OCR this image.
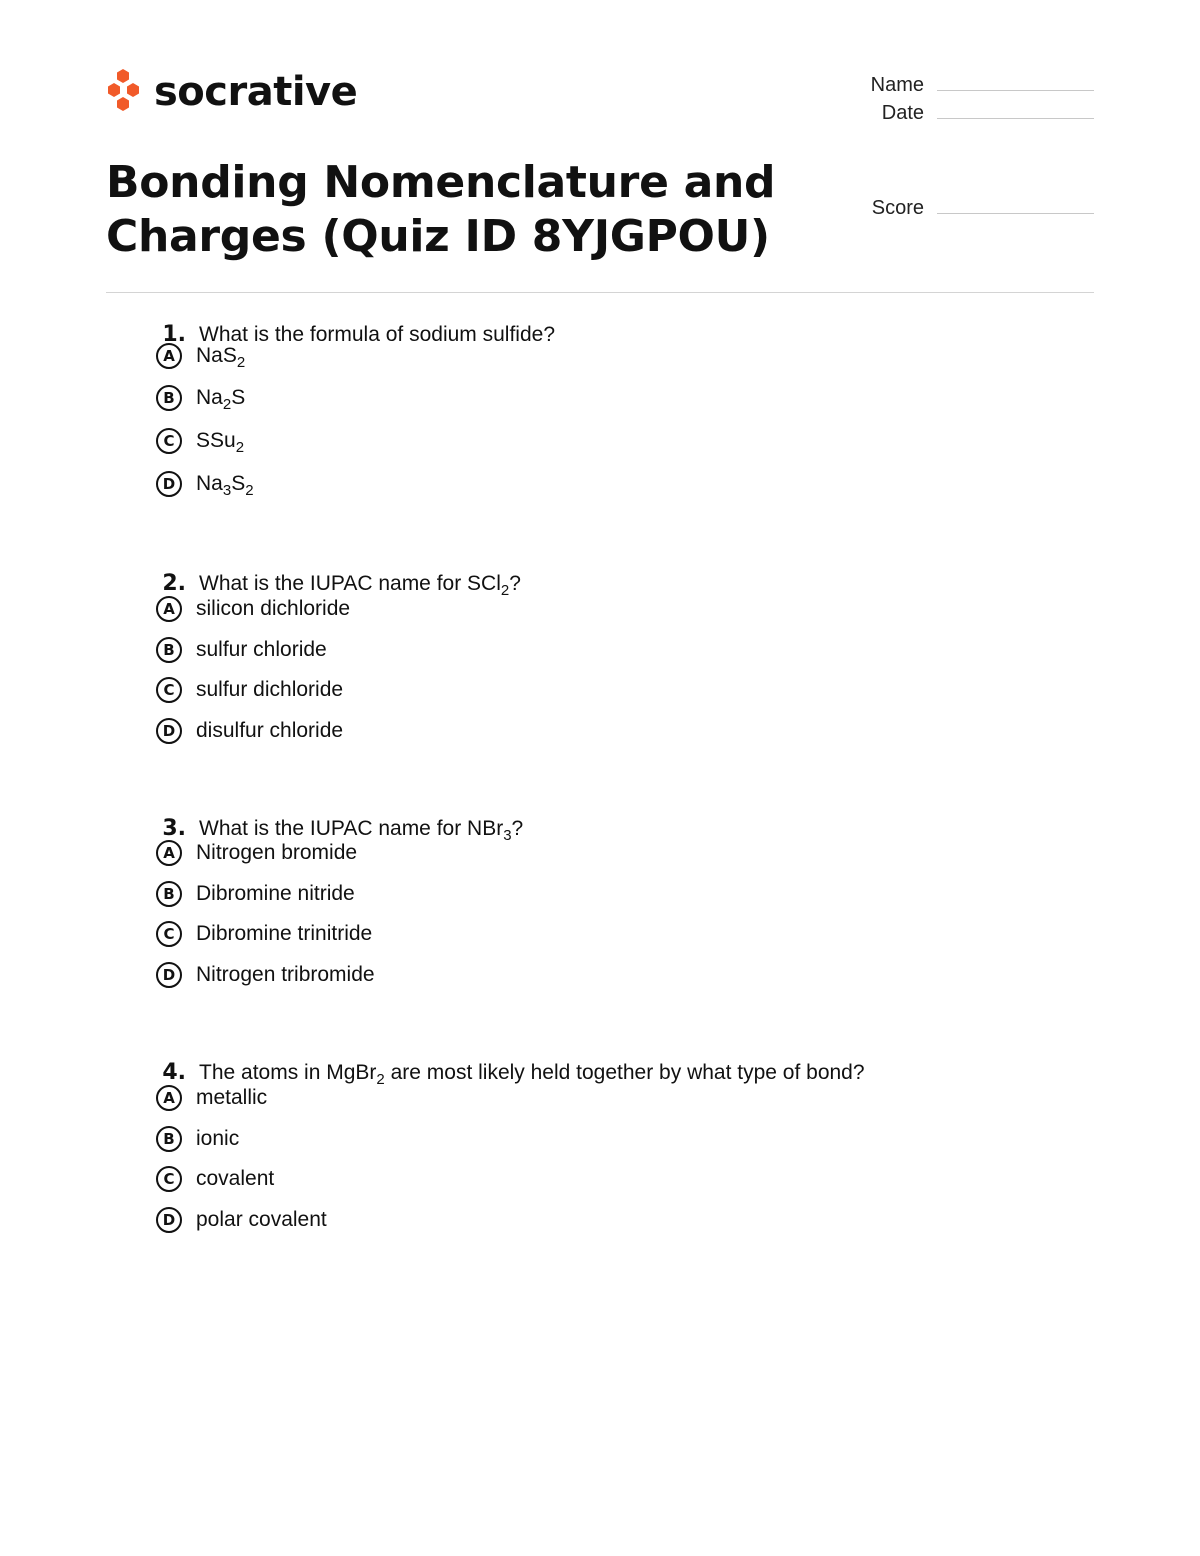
socrative
Bonding Nomenclature and
Charges (Quiz ID 8YJGPOU)
Name
Date
Score
1. What is the formula of sodium sulfide?
A	NaS$_2$
B	$Na_2S$
C	SSu$_2$
D $Na_3S_2$
2. What is the IUPAC name for SCl$_2$?
A	silicon dichloride
B	sulfur chloride
C	sulfur dichloride
D disulfur chloride
3. What is the IUPAC name for NBr$_3$?
A	Nitrogen bromide
B	Dibromine nitride
C	Dibromine trinitride
D Nitrogen tribromide
4. The atoms in MgBr$_2$ are most likely held together by what type of bond?
A	metallic
B	ionic
C	covalent
D polar covalent
